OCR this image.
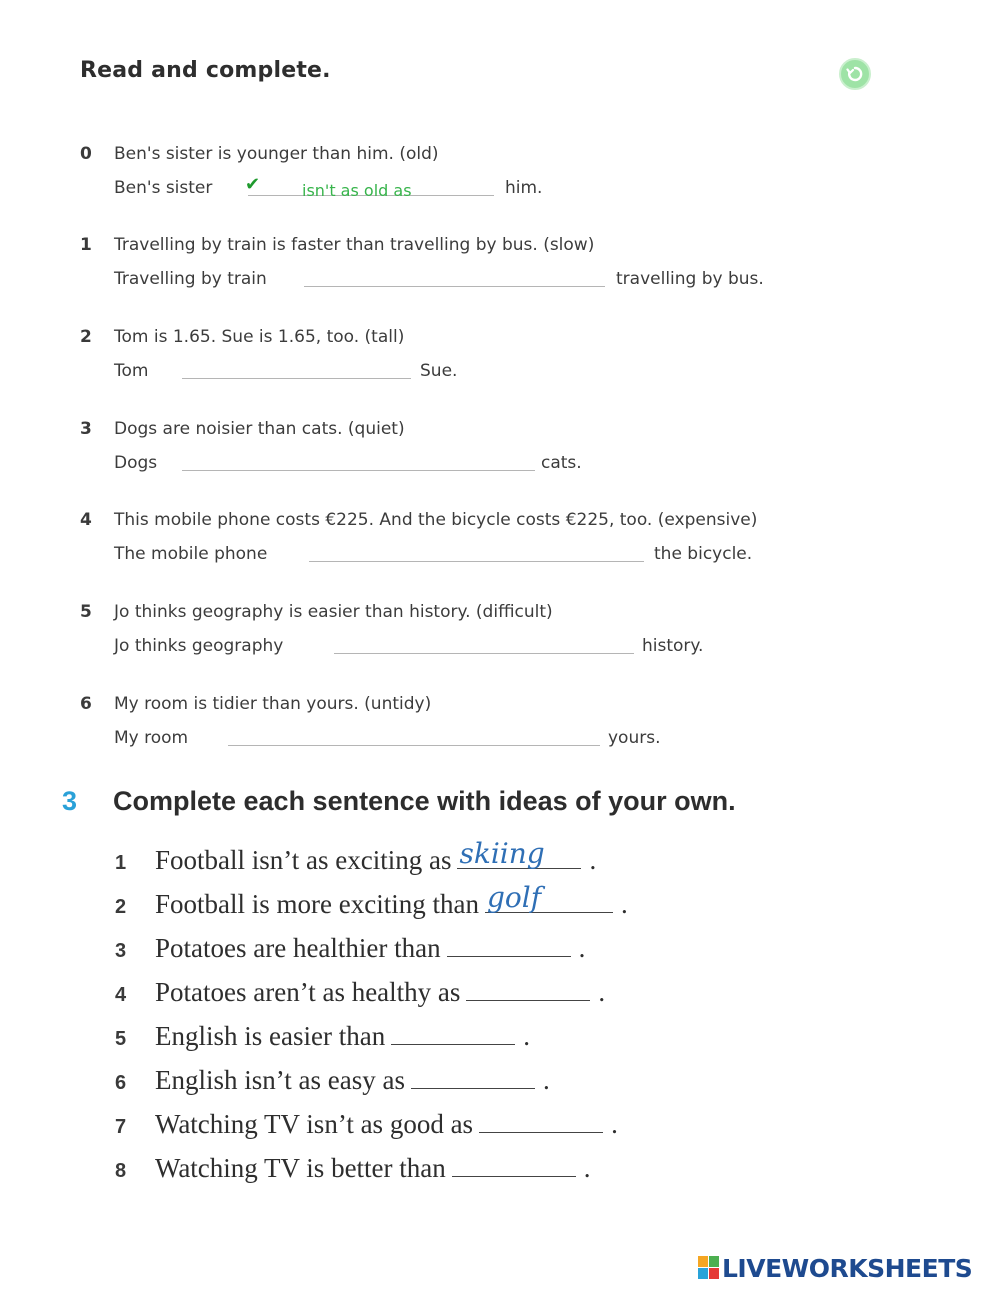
Read and complete.
0	Ben's sister is younger than him. (old)
Ben's sister ✔	isn't as old as	him.
1	Travelling by train is faster than travelling by bus. (slow)
Travelling by train	travelling by bus.
2	Tom is 1.65. Sue is 1.65, too. (tall)
Tom	Sue.
3	Dogs are noisier than cats. (quiet)
Dogs	cats.
4	This mobile phone costs €225. And the bicycle costs €225, too. (expensive)
The mobile phone	the bicycle.
5	Jo thinks geography is easier than history. (difficult)
Jo thinks geography	history.
6	My room is tidier than yours. (untidy)
My room	yours.
3 Complete each sentence with ideas of your own.
1 Football isn’t as exciting as skiing .
2 Football is more exciting than golf	.
3 Potatoes are healthier than	.
4 Potatoes aren’t as healthy as	.
5 English is easier than	.
6 English isn’t as easy as	.
7 Watching TV isn’t as good as	.
8 Watching TV is better than	.
LIVEWORKSHEETS
